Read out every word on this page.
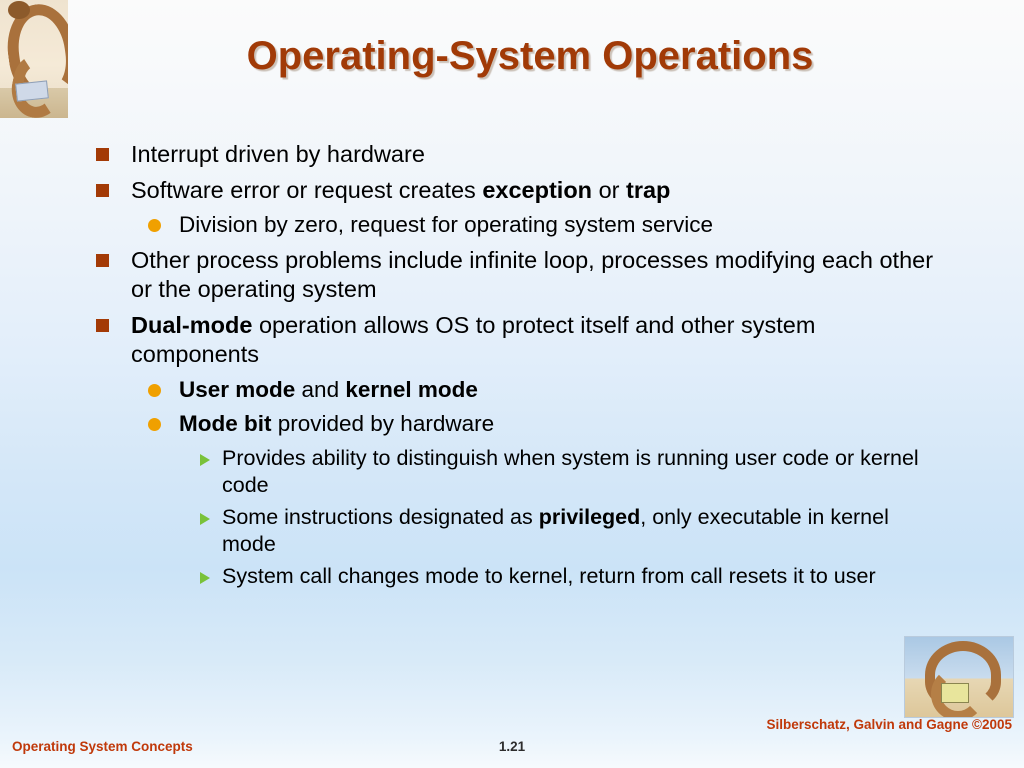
Operating-System Operations
Interrupt driven by hardware
Software error or request creates exception or trap
Division by zero, request for operating system service
Other process problems include infinite loop, processes modifying each other or the operating system
Dual-mode operation allows OS to protect itself and other system components
User mode and kernel mode
Mode bit provided by hardware
Provides ability to distinguish when system is running user code or kernel code
Some instructions designated as privileged, only executable in kernel mode
System call changes mode to kernel, return from call resets it to user
Operating System Concepts	1.21
Silberschatz, Galvin and Gagne ©2005
